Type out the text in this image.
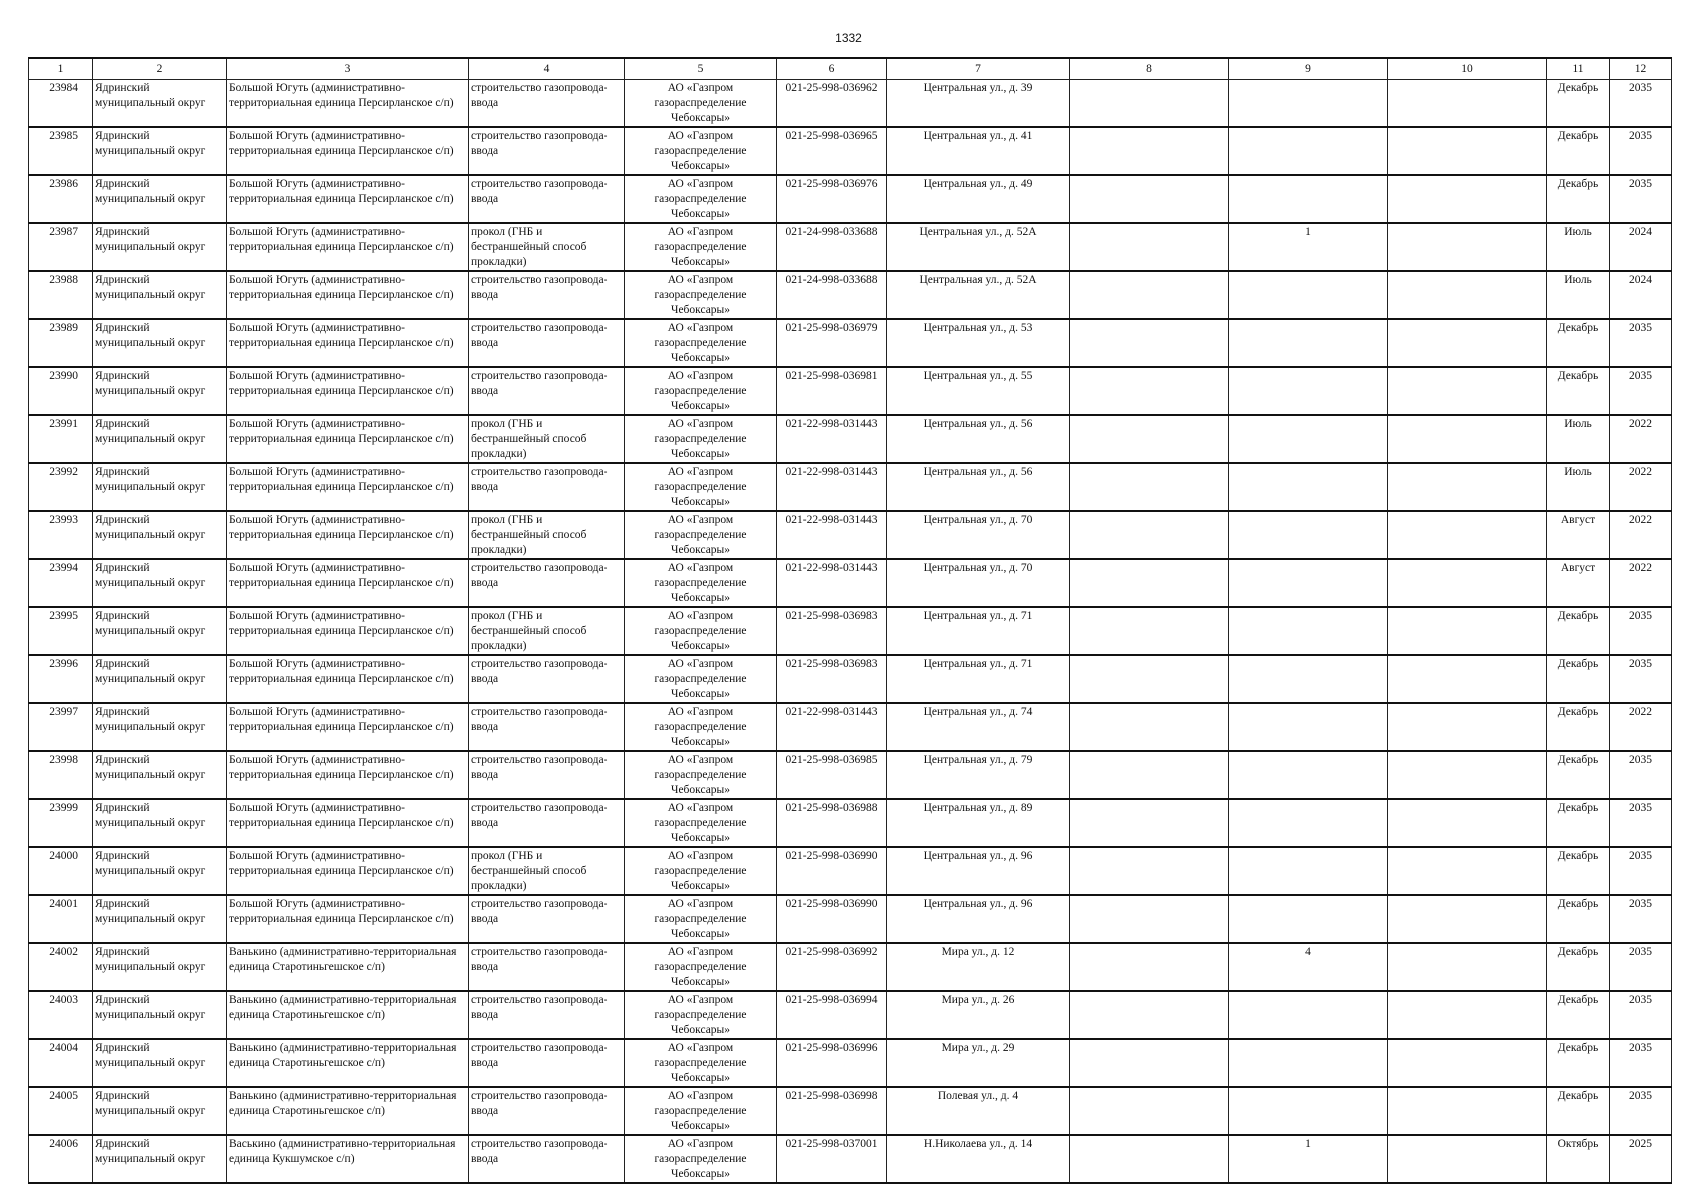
1332
1	2	3	4	5	6	7	8	9	10	11	12
23984	Ядринский муниципальный округ	Большой Югуть (административно-территориальная единица Персирланское с/п)	строительство газопровода-ввода	АО «Газпром газораспределение Чебоксары»	021-25-998-036962	Центральная ул., д. 39				Декабрь	2035
23985	Ядринский муниципальный округ	Большой Югуть (административно-территориальная единица Персирланское с/п)	строительство газопровода-ввода	АО «Газпром газораспределение Чебоксары»	021-25-998-036965	Центральная ул., д. 41				Декабрь	2035
23986	Ядринский муниципальный округ	Большой Югуть (административно-территориальная единица Персирланское с/п)	строительство газопровода-ввода	АО «Газпром газораспределение Чебоксары»	021-25-998-036976	Центральная ул., д. 49				Декабрь	2035
23987	Ядринский муниципальный округ	Большой Югуть (административно-территориальная единица Персирланское с/п)	прокол (ГНБ и бестраншейный способ прокладки)	АО «Газпром газораспределение Чебоксары»	021-24-998-033688	Центральная ул., д. 52А		1		Июль	2024
23988	Ядринский муниципальный округ	Большой Югуть (административно-территориальная единица Персирланское с/п)	строительство газопровода-ввода	АО «Газпром газораспределение Чебоксары»	021-24-998-033688	Центральная ул., д. 52А				Июль	2024
23989	Ядринский муниципальный округ	Большой Югуть (административно-территориальная единица Персирланское с/п)	строительство газопровода-ввода	АО «Газпром газораспределение Чебоксары»	021-25-998-036979	Центральная ул., д. 53				Декабрь	2035
23990	Ядринский муниципальный округ	Большой Югуть (административно-территориальная единица Персирланское с/п)	строительство газопровода-ввода	АО «Газпром газораспределение Чебоксары»	021-25-998-036981	Центральная ул., д. 55				Декабрь	2035
23991	Ядринский муниципальный округ	Большой Югуть (административно-территориальная единица Персирланское с/п)	прокол (ГНБ и бестраншейный способ прокладки)	АО «Газпром газораспределение Чебоксары»	021-22-998-031443	Центральная ул., д. 56				Июль	2022
23992	Ядринский муниципальный округ	Большой Югуть (административно-территориальная единица Персирланское с/п)	строительство газопровода-ввода	АО «Газпром газораспределение Чебоксары»	021-22-998-031443	Центральная ул., д. 56				Июль	2022
23993	Ядринский муниципальный округ	Большой Югуть (административно-территориальная единица Персирланское с/п)	прокол (ГНБ и бестраншейный способ прокладки)	АО «Газпром газораспределение Чебоксары»	021-22-998-031443	Центральная ул., д. 70				Август	2022
23994	Ядринский муниципальный округ	Большой Югуть (административно-территориальная единица Персирланское с/п)	строительство газопровода-ввода	АО «Газпром газораспределение Чебоксары»	021-22-998-031443	Центральная ул., д. 70				Август	2022
23995	Ядринский муниципальный округ	Большой Югуть (административно-территориальная единица Персирланское с/п)	прокол (ГНБ и бестраншейный способ прокладки)	АО «Газпром газораспределение Чебоксары»	021-25-998-036983	Центральная ул., д. 71				Декабрь	2035
23996	Ядринский муниципальный округ	Большой Югуть (административно-территориальная единица Персирланское с/п)	строительство газопровода-ввода	АО «Газпром газораспределение Чебоксары»	021-25-998-036983	Центральная ул., д. 71				Декабрь	2035
23997	Ядринский муниципальный округ	Большой Югуть (административно-территориальная единица Персирланское с/п)	строительство газопровода-ввода	АО «Газпром газораспределение Чебоксары»	021-22-998-031443	Центральная ул., д. 74				Декабрь	2022
23998	Ядринский муниципальный округ	Большой Югуть (административно-территориальная единица Персирланское с/п)	строительство газопровода-ввода	АО «Газпром газораспределение Чебоксары»	021-25-998-036985	Центральная ул., д. 79				Декабрь	2035
23999	Ядринский муниципальный округ	Большой Югуть (административно-территориальная единица Персирланское с/п)	строительство газопровода-ввода	АО «Газпром газораспределение Чебоксары»	021-25-998-036988	Центральная ул., д. 89				Декабрь	2035
24000	Ядринский муниципальный округ	Большой Югуть (административно-территориальная единица Персирланское с/п)	прокол (ГНБ и бестраншейный способ прокладки)	АО «Газпром газораспределение Чебоксары»	021-25-998-036990	Центральная ул., д. 96				Декабрь	2035
24001	Ядринский муниципальный округ	Большой Югуть (административно-территориальная единица Персирланское с/п)	строительство газопровода-ввода	АО «Газпром газораспределение Чебоксары»	021-25-998-036990	Центральная ул., д. 96				Декабрь	2035
24002	Ядринский муниципальный округ	Ванькино (административно-территориальная единица Старотиньгешское с/п)	строительство газопровода-ввода	АО «Газпром газораспределение Чебоксары»	021-25-998-036992	Мира ул., д. 12		4		Декабрь	2035
24003	Ядринский муниципальный округ	Ванькино (административно-территориальная единица Старотиньгешское с/п)	строительство газопровода-ввода	АО «Газпром газораспределение Чебоксары»	021-25-998-036994	Мира ул., д. 26				Декабрь	2035
24004	Ядринский муниципальный округ	Ванькино (административно-территориальная единица Старотиньгешское с/п)	строительство газопровода-ввода	АО «Газпром газораспределение Чебоксары»	021-25-998-036996	Мира ул., д. 29				Декабрь	2035
24005	Ядринский муниципальный округ	Ванькино (административно-территориальная единица Старотиньгешское с/п)	строительство газопровода-ввода	АО «Газпром газораспределение Чебоксары»	021-25-998-036998	Полевая ул., д. 4				Декабрь	2035
24006	Ядринский муниципальный округ	Васькино (административно-территориальная единица Кукшумское с/п)	строительство газопровода-ввода	АО «Газпром газораспределение Чебоксары»	021-25-998-037001	Н.Николаева ул., д. 14		1		Октябрь	2025
